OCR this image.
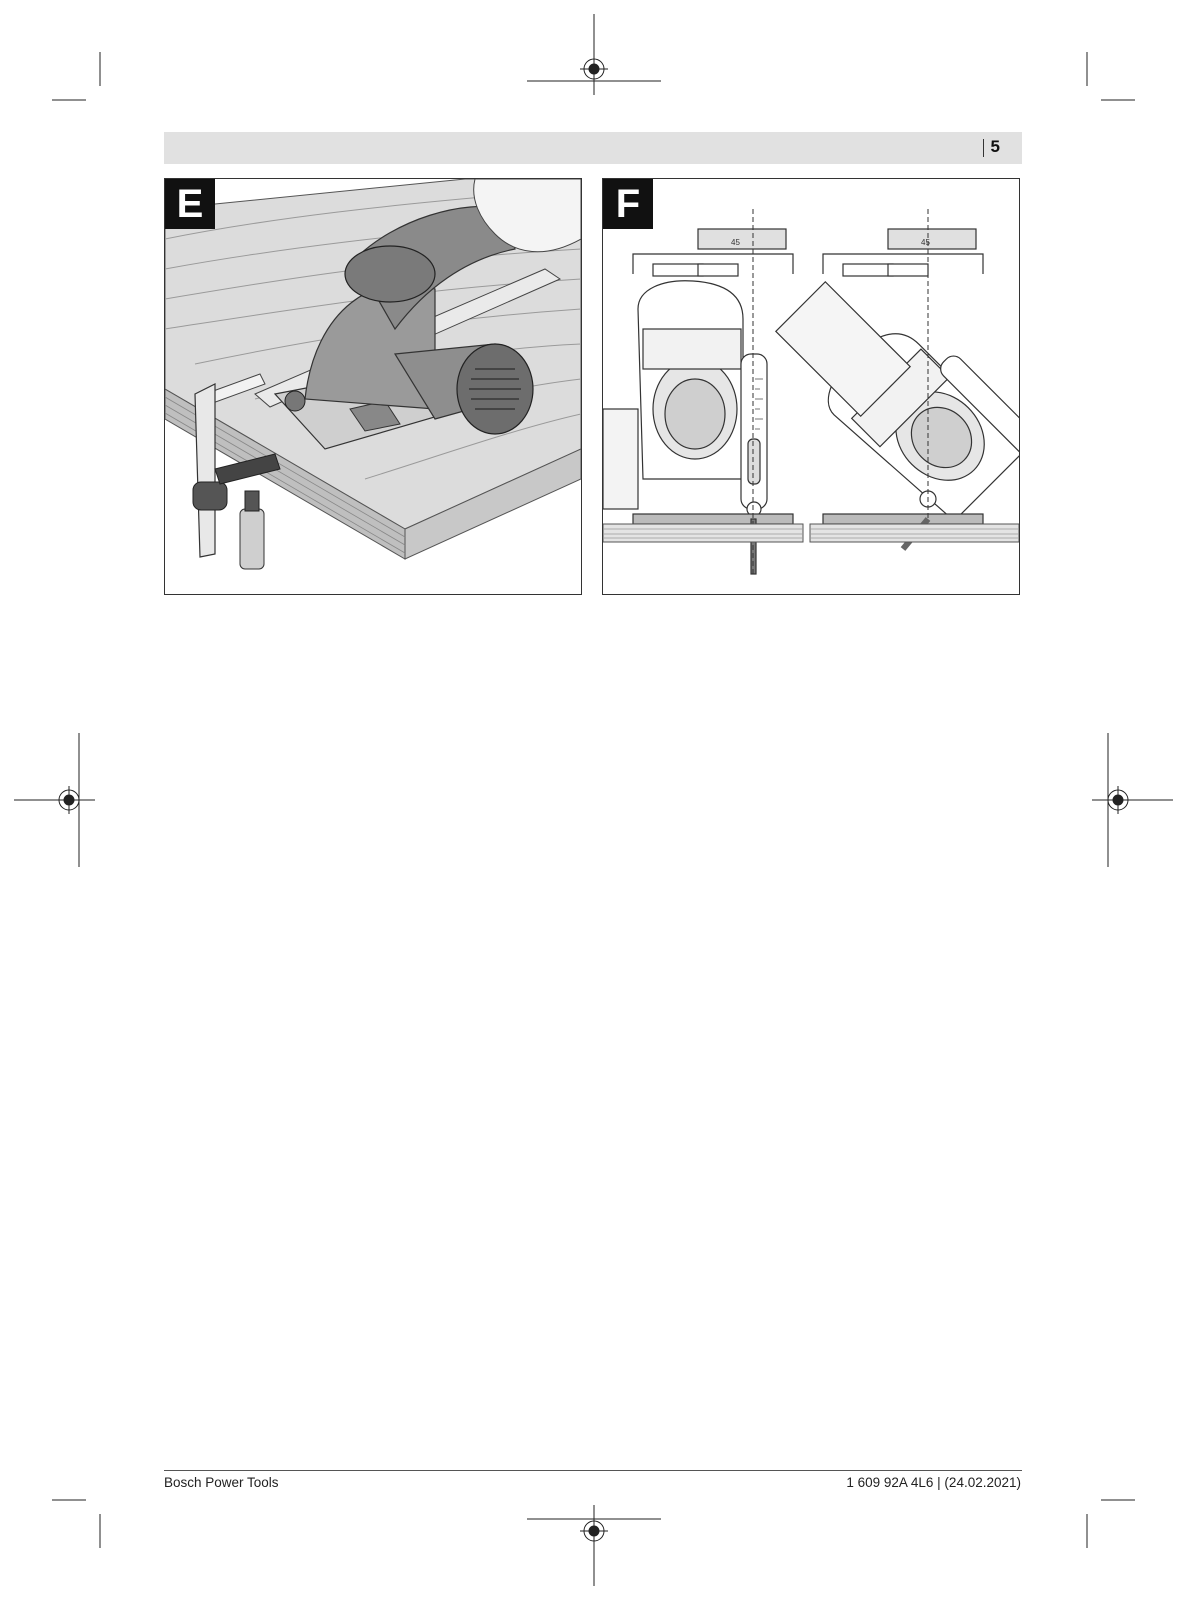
5
E
45	45
F
Bosch Power Tools	1 609 92A 4L6 | (24.02.2021)
